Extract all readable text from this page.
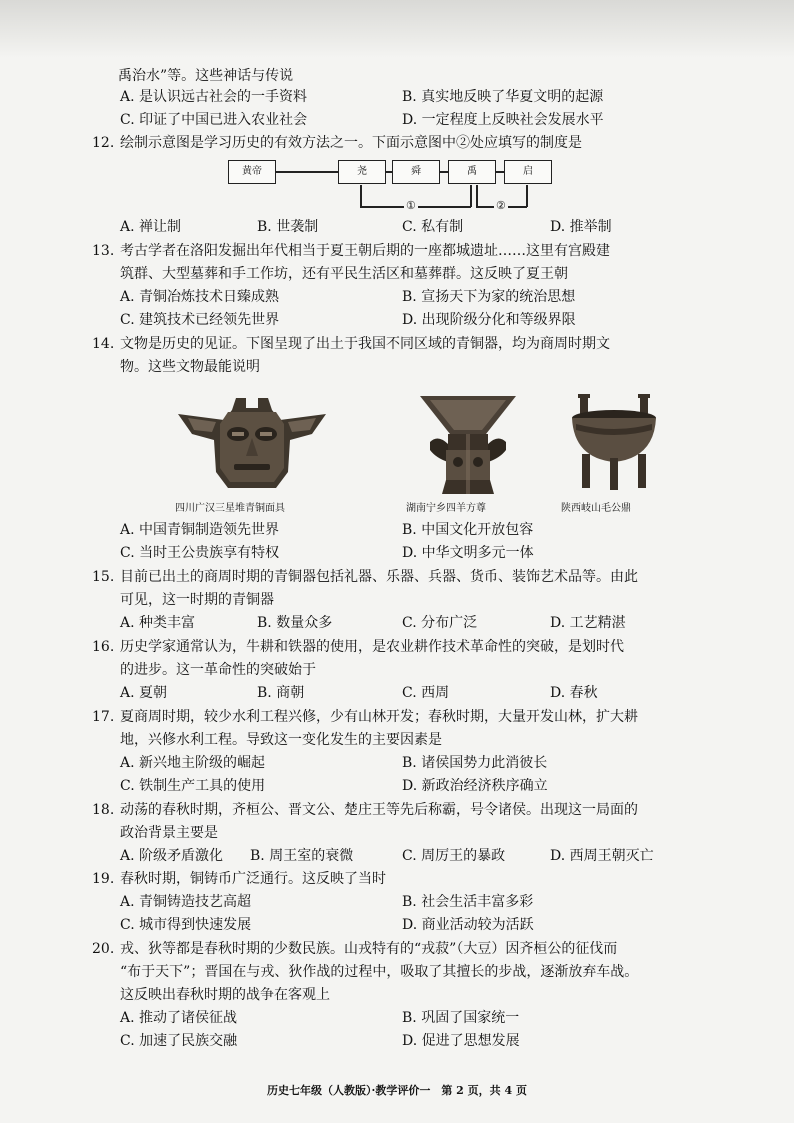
禹治水”等。这些神话与传说
A. 是认识远古社会的一手资料	B. 真实地反映了华夏文明的起源
C. 印证了中国已进入农业社会	D. 一定程度上反映社会发展水平
12. 绘制示意图是学习历史的有效方法之一。下面示意图中②处应填写的制度是
黄帝	尧	舜	禹	启
①	②
A. 禅让制	B. 世袭制	C. 私有制	D. 推举制
13. 考古学者在洛阳发掘出年代相当于夏王朝后期的一座都城遗址……这里有宫殿建
筑群、大型墓葬和手工作坊，还有平民生活区和墓葬群。这反映了夏王朝
A. 青铜冶炼技术日臻成熟	B. 宣扬天下为家的统治思想
C. 建筑技术已经领先世界	D. 出现阶级分化和等级界限
14. 文物是历史的见证。下图呈现了出土于我国不同区域的青铜器，均为商周时期文
物。这些文物最能说明
四川广汉三星堆青铜面具	湖南宁乡四羊方尊	陕西岐山毛公鼎
A. 中国青铜制造领先世界	B. 中国文化开放包容
C. 当时王公贵族享有特权	D. 中华文明多元一体
15. 目前已出土的商周时期的青铜器包括礼器、乐器、兵器、货币、装饰艺术品等。由此
可见，这一时期的青铜器
A. 种类丰富	B. 数量众多	C. 分布广泛	D. 工艺精湛
16. 历史学家通常认为，牛耕和铁器的使用，是农业耕作技术革命性的突破，是划时代
的进步。这一革命性的突破始于
A. 夏朝	B. 商朝	C. 西周	D. 春秋
17. 夏商周时期，较少水利工程兴修，少有山林开发；春秋时期，大量开发山林，扩大耕
地，兴修水利工程。导致这一变化发生的主要因素是
A. 新兴地主阶级的崛起	B. 诸侯国势力此消彼长
C. 铁制生产工具的使用	D. 新政治经济秩序确立
18. 动荡的春秋时期，齐桓公、晋文公、楚庄王等先后称霸，号令诸侯。出现这一局面的
政治背景主要是
A. 阶级矛盾激化 B. 周王室的衰微	C. 周厉王的暴政	D. 西周王朝灭亡
19. 春秋时期，铜铸币广泛通行。这反映了当时
A. 青铜铸造技艺高超	B. 社会生活丰富多彩
C. 城市得到快速发展	D. 商业活动较为活跃
20. 戎、狄等都是春秋时期的少数民族。山戎特有的“戎菽”（大豆）因齐桓公的征伐而
“布于天下”；晋国在与戎、狄作战的过程中，吸取了其擅长的步战，逐渐放弃车战。
这反映出春秋时期的战争在客观上
A. 推动了诸侯征战	B. 巩固了国家统一
C. 加速了民族交融	D. 促进了思想发展
历史七年级（人教版）·教学评价一　第 2 页，共 4 页
